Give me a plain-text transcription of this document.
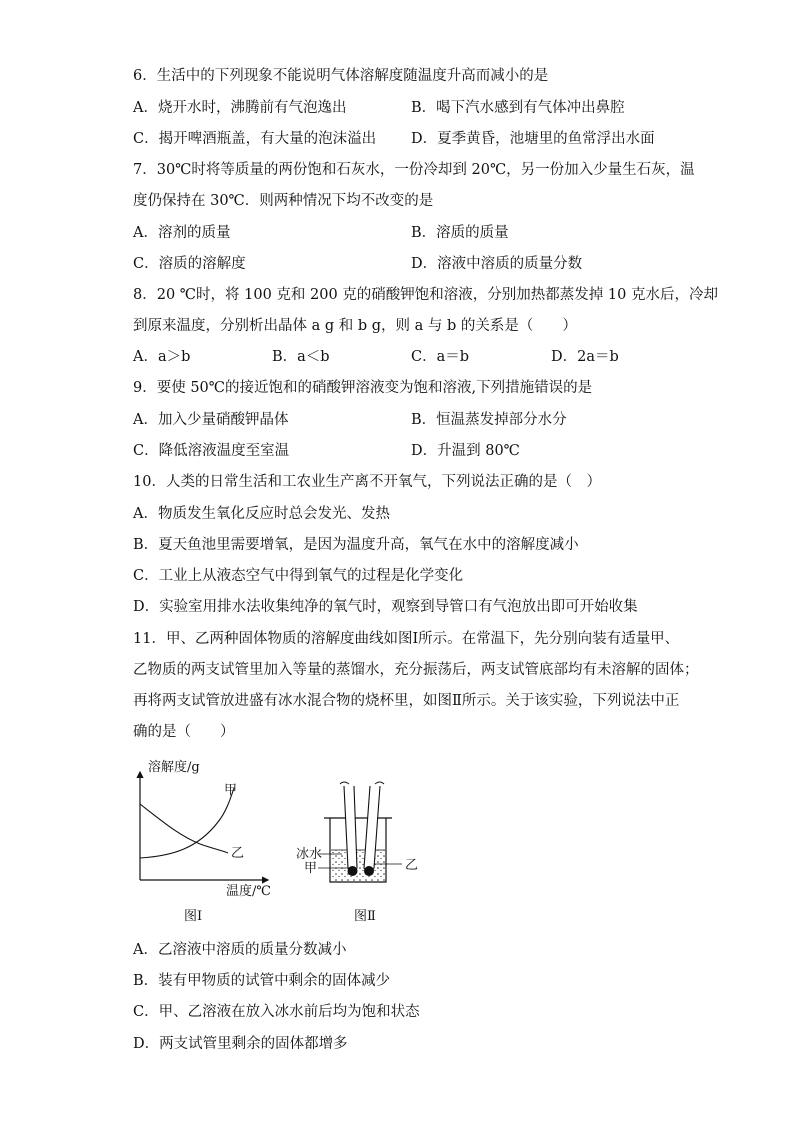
6．生活中的下列现象不能说明气体溶解度随温度升高而减小的是
A．烧开水时，沸腾前有气泡逸出	B．喝下汽水感到有气体冲出鼻腔
C．揭开啤酒瓶盖，有大量的泡沫溢出 D．夏季黄昏，池塘里的鱼常浮出水面
7．30℃时将等质量的两份饱和石灰水，一份冷却到 20℃，另一份加入少量生石灰，温
度仍保持在 30℃．则两种情况下均不改变的是
A．溶剂的质量	B．溶质的质量
C．溶质的溶解度	D．溶液中溶质的质量分数
8．20 ℃时，将 100 克和 200 克的硝酸钾饱和溶液，分别加热都蒸发掉 10 克水后，冷却
到原来温度，分别析出晶体 a g 和 b g，则 a 与 b 的关系是（　　）
A．a＞b	B．a＜b	C．a＝b	D．2a＝b
9．要使 50℃的接近饱和的硝酸钾溶液变为饱和溶液,下列措施错误的是
A．加入少量硝酸钾晶体	B．恒温蒸发掉部分水分
C．降低溶液温度至室温	D．升温到 80℃
10．人类的日常生活和工农业生产离不开氧气，下列说法正确的是（　）
A．物质发生氧化反应时总会发光、发热
B．夏天鱼池里需要增氧，是因为温度升高，氧气在水中的溶解度减小
C．工业上从液态空气中得到氧气的过程是化学变化
D．实验室用排水法收集纯净的氧气时，观察到导管口有气泡放出即可开始收集
11．甲、乙两种固体物质的溶解度曲线如图Ⅰ所示。在常温下，先分别向装有适量甲、
乙物质的两支试管里加入等量的蒸馏水，充分振荡后，两支试管底部均有未溶解的固体；
再将两支试管放进盛有冰水混合物的烧杯里，如图Ⅱ所示。关于该实验，下列说法中正
确的是（　　）
溶解度/g
甲
乙
温度/℃
图Ⅰ
冰水
甲	乙
图Ⅱ
A．乙溶液中溶质的质量分数减小
B．装有甲物质的试管中剩余的固体减少
C．甲、乙溶液在放入冰水前后均为饱和状态
D．两支试管里剩余的固体都增多
